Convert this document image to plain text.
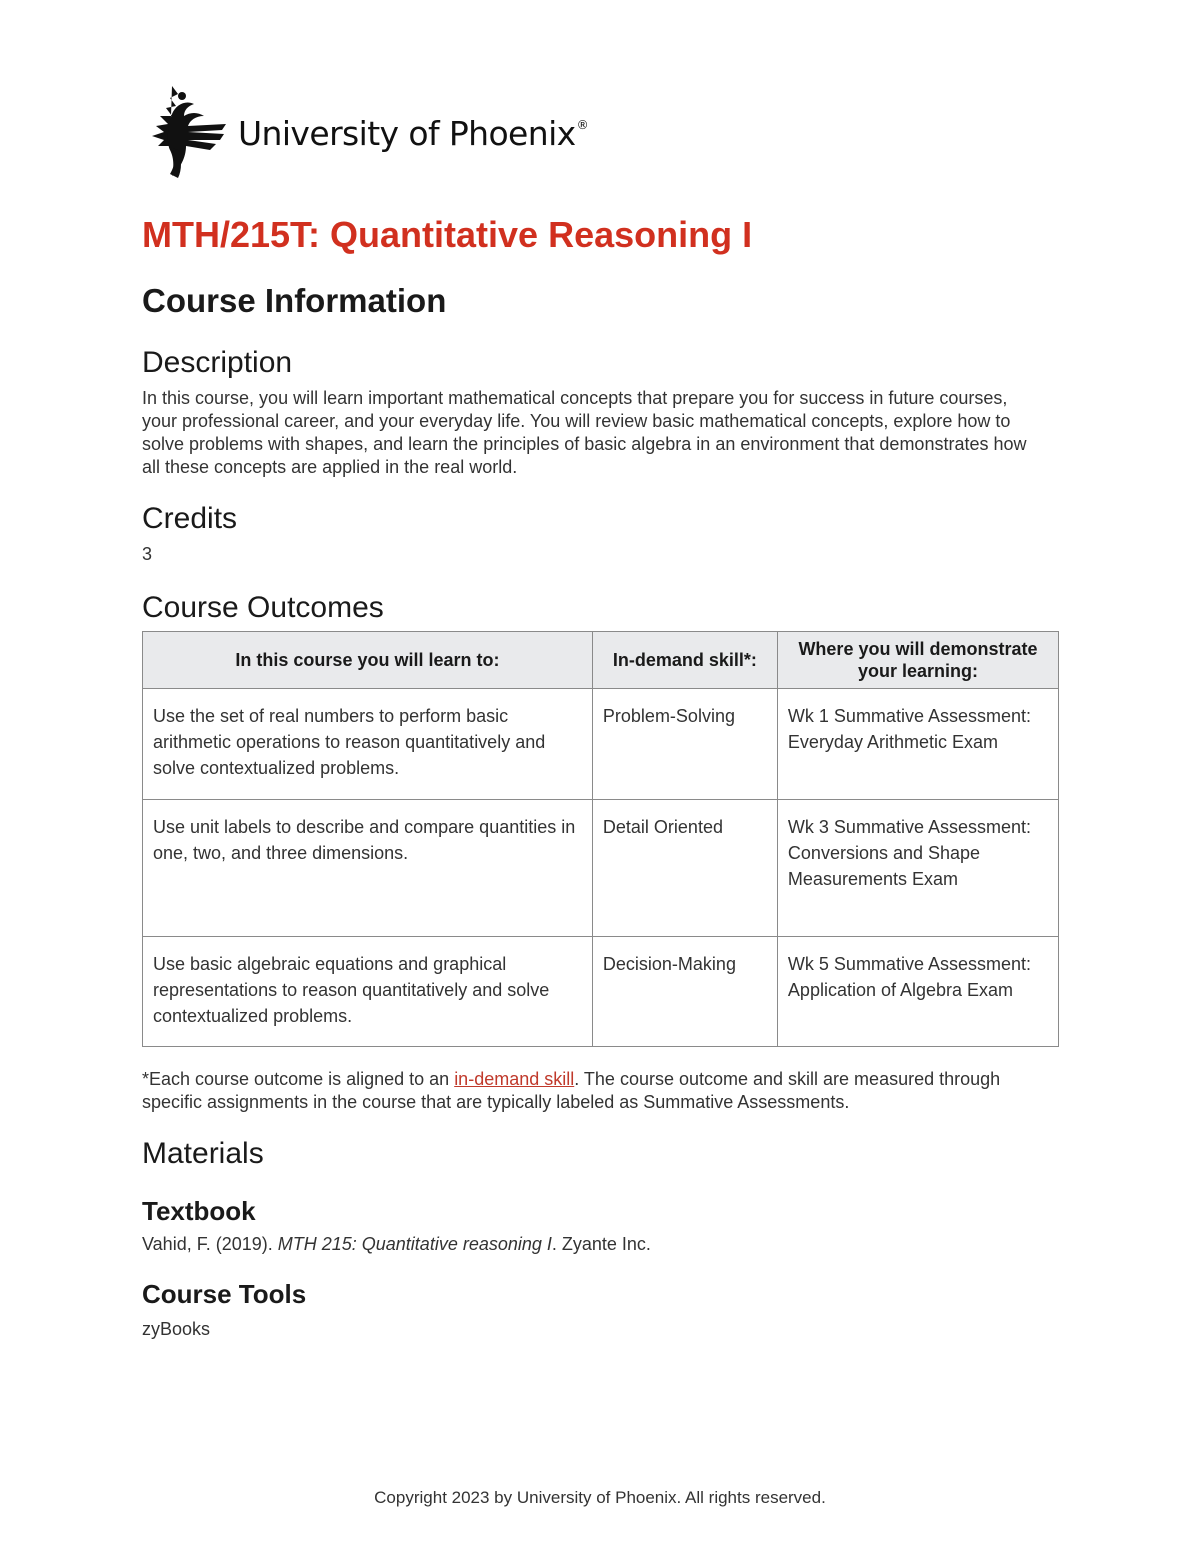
University of Phoenix®
MTH/215T: Quantitative Reasoning I
Course Information
Description

In this course, you will learn important mathematical concepts that prepare you for success in future courses, your professional career, and your everyday life. You will review basic mathematical concepts, explore how to solve problems with shapes, and learn the principles of basic algebra in an environment that demonstrates how all these concepts are applied in the real world.

Credits

3

Course Outcomes
In this course you will learn to:	In-demand skill*:	Where you will demonstrate your learning:
Use the set of real numbers to perform basic arithmetic operations to reason quantitatively and solve contextualized problems.	Problem-Solving	Wk 1 Summative Assessment: Everyday Arithmetic Exam
Use unit labels to describe and compare quantities in one, two, and three dimensions.	Detail Oriented	Wk 3 Summative Assessment: Conversions and Shape Measurements Exam
Use basic algebraic equations and graphical representations to reason quantitatively and solve contextualized problems.	Decision-Making	Wk 5 Summative Assessment: Application of Algebra Exam

*Each course outcome is aligned to an in-demand skill. The course outcome and skill are measured through specific assignments in the course that are typically labeled as Summative Assessments.

Materials
Textbook

Vahid, F. (2019). MTH 215: Quantitative reasoning I. Zyante Inc.

Course Tools

zyBooks

Copyright 2023 by University of Phoenix. All rights reserved.
